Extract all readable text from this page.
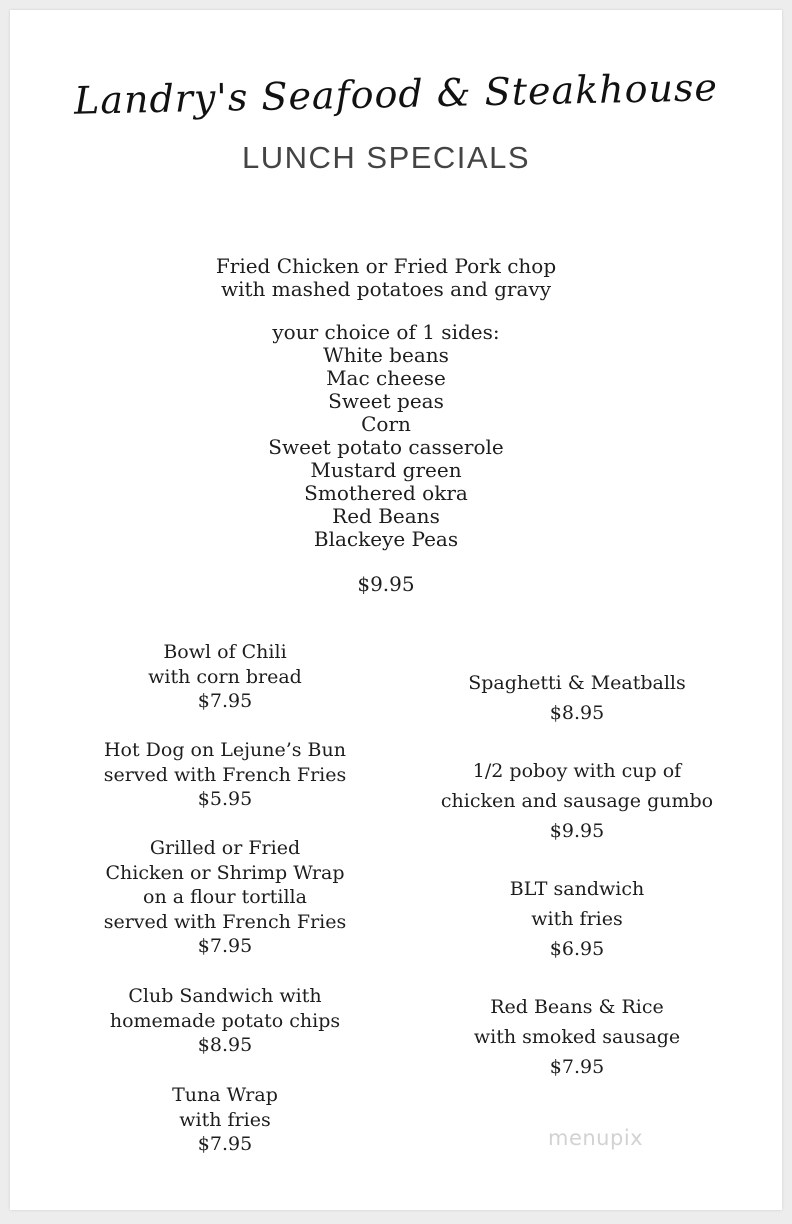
Landry's Seafood & Steakhouse
LUNCH SPECIALS
Fried Chicken or Fried Pork chop
with mashed potatoes and gravy
your choice of 1 sides:
White beans
Mac cheese
Sweet peas
Corn
Sweet potato casserole
Mustard green
Smothered okra
Red Beans
Blackeye Peas
$9.95
Bowl of Chili
with corn bread
$7.95
Hot Dog on Lejune’s Bun
served with French Fries
$5.95
Grilled or Fried
Chicken or Shrimp Wrap
on a flour tortilla
served with French Fries
$7.95
Club Sandwich with
homemade potato chips
$8.95
Tuna Wrap
with fries
$7.95
Spaghetti & Meatballs
$8.95
1/2 poboy with cup of
chicken and sausage gumbo
$9.95
BLT sandwich
with fries
$6.95
Red Beans & Rice
with smoked sausage
$7.95
menupix
